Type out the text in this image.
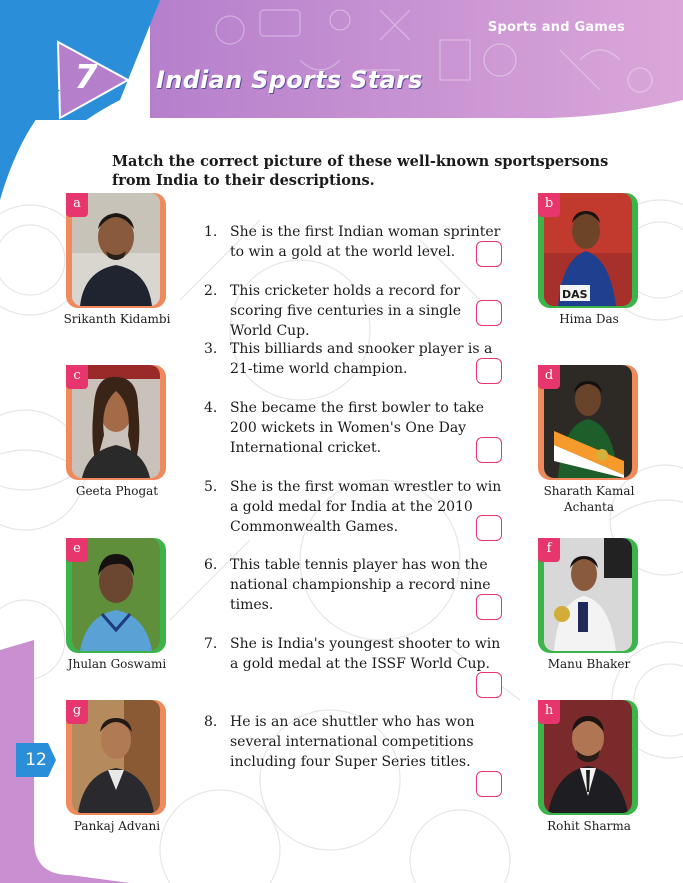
Sports and Games
7 Indian Sports Stars
12
Match the correct picture of these well-known sportspersons from India to their descriptions.
a
Srikanth Kidambi
DAS
b
Hima Das
c
Geeta Phogat
d
Sharath Kamal Achanta
e
Jhulan Goswami
f
Manu Bhaker
g
Pankaj Advani
h
Rohit Sharma
1. She is the first Indian woman sprinter to win a gold at the world level.
2. This cricketer holds a record for scoring five centuries in a single World Cup.
3. This billiards and snooker player is a 21-time world champion.
4. She became the first bowler to take 200 wickets in Women's One Day International cricket.
5. She is the first woman wrestler to win a gold medal for India at the 2010 Commonwealth Games.
6. This table tennis player has won the national championship a record nine times.
7. She is India's youngest shooter to win a gold medal at the ISSF World Cup.
8. He is an ace shuttler who has won several international competitions including four Super Series titles.
